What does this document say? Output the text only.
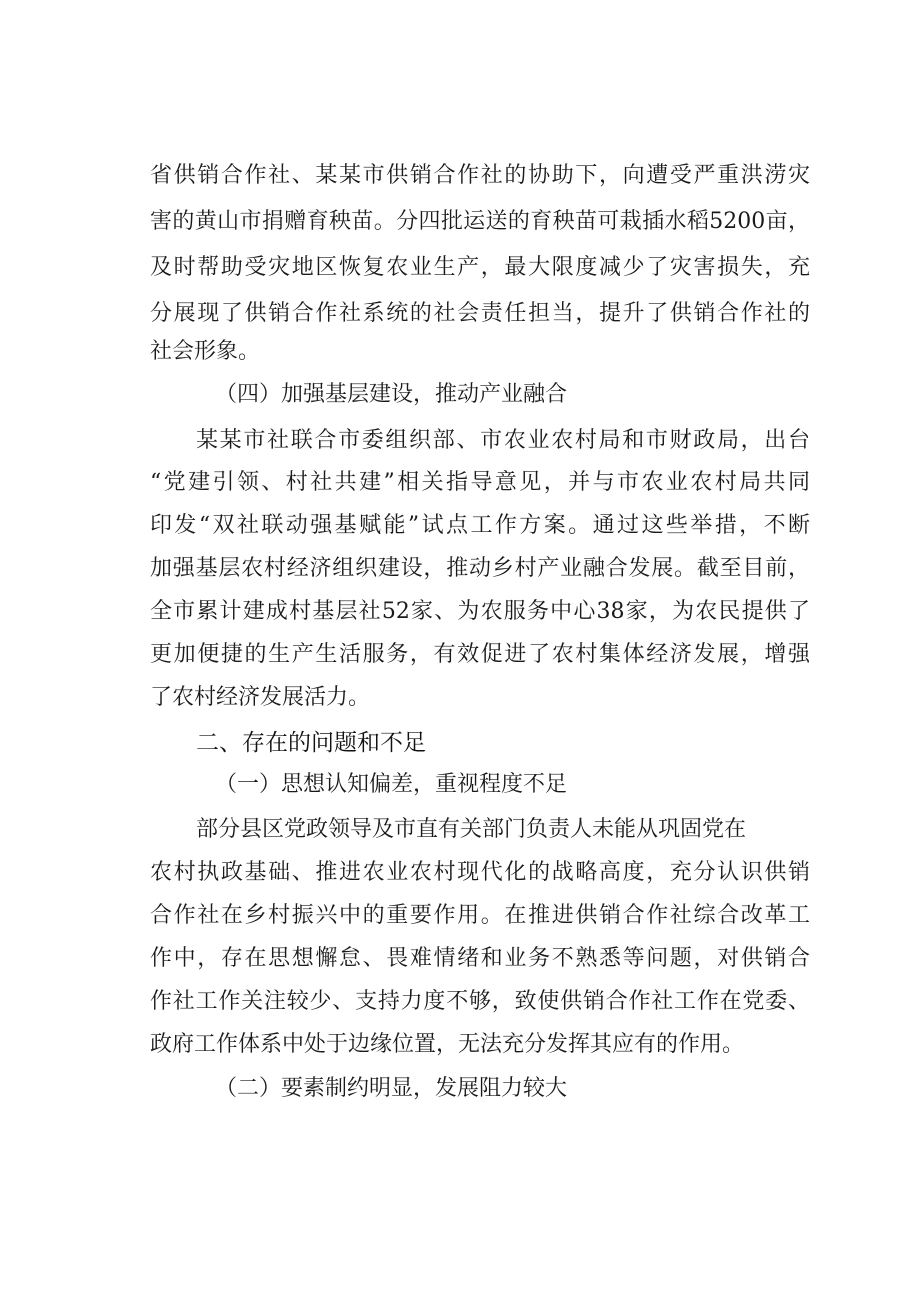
省供销合作社、某某市供销合作社的协助下，向遭受严重洪涝灾
害的黄山市捐赠育秧苗。分四批运送的育秧苗可栽插水稻5200亩，
及时帮助受灾地区恢复农业生产，最大限度减少了灾害损失，充
分展现了供销合作社系统的社会责任担当，提升了供销合作社的
社会形象。
（四）加强基层建设，推动产业融合
某某市社联合市委组织部、市农业农村局和市财政局，出台
“党建引领、村社共建”相关指导意见，并与市农业农村局共同
印发“双社联动强基赋能”试点工作方案。通过这些举措，不断
加强基层农村经济组织建设，推动乡村产业融合发展。截至目前，
全市累计建成村基层社52家、为农服务中心38家，为农民提供了
更加便捷的生产生活服务，有效促进了农村集体经济发展，增强
了农村经济发展活力。
二、存在的问题和不足
（一）思想认知偏差，重视程度不足
部分县区党政领导及市直有关部门负责人未能从巩固党在
农村执政基础、推进农业农村现代化的战略高度，充分认识供销
合作社在乡村振兴中的重要作用。在推进供销合作社综合改革工
作中，存在思想懈怠、畏难情绪和业务不熟悉等问题，对供销合
作社工作关注较少、支持力度不够，致使供销合作社工作在党委、
政府工作体系中处于边缘位置，无法充分发挥其应有的作用。
（二）要素制约明显，发展阻力较大
